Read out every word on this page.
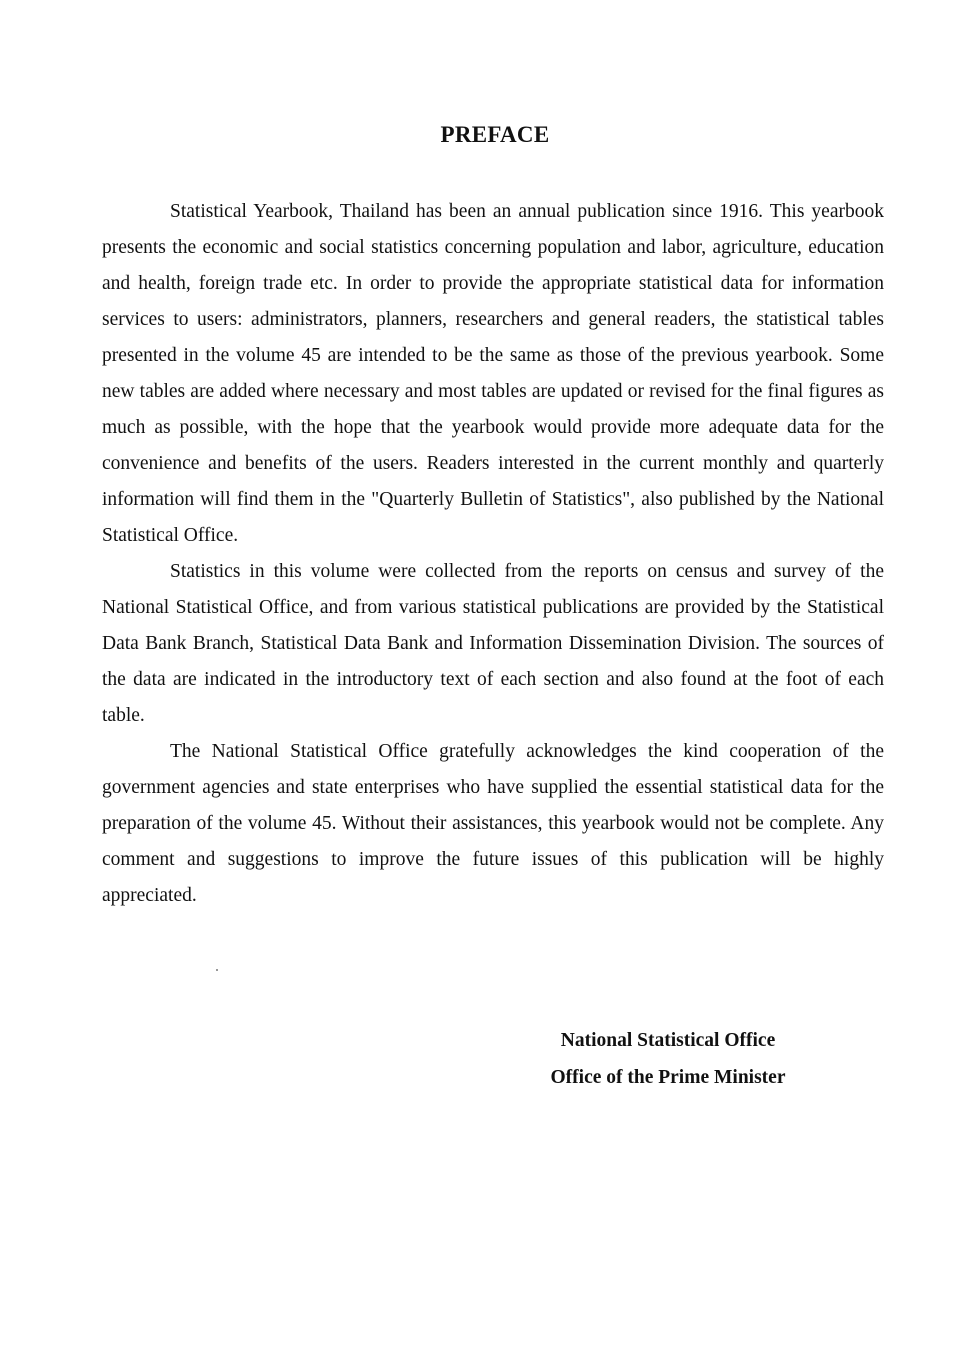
PREFACE

Statistical Yearbook, Thailand has been an annual publication since 1916. This yearbook presents the economic and social statistics concerning population and labor, agriculture, education and health, foreign trade etc. In order to provide the appropriate statistical data for information services to users: administrators, planners, researchers and general readers, the statistical tables presented in the volume 45 are intended to be the same as those of the previous yearbook. Some new tables are added where necessary and most tables are updated or revised for the final figures as much as possible, with the hope that the yearbook would provide more adequate data for the convenience and benefits of the users. Readers interested in the current monthly and quarterly information will find them in the "Quarterly Bulletin of Statistics", also published by the National Statistical Office.

Statistics in this volume were collected from the reports on census and survey of the National Statistical Office, and from various statistical publications are provided by the Statistical Data Bank Branch, Statistical Data Bank and Information Dissemination Division. The sources of the data are indicated in the introductory text of each section and also found at the foot of each table.

The National Statistical Office gratefully acknowledges the kind cooperation of the government agencies and state enterprises who have supplied the essential statistical data for the preparation of the volume 45. Without their assistances, this yearbook would not be complete. Any comment and suggestions to improve the future issues of this publication will be highly appreciated.

National Statistical Office
Office of the Prime Minister
